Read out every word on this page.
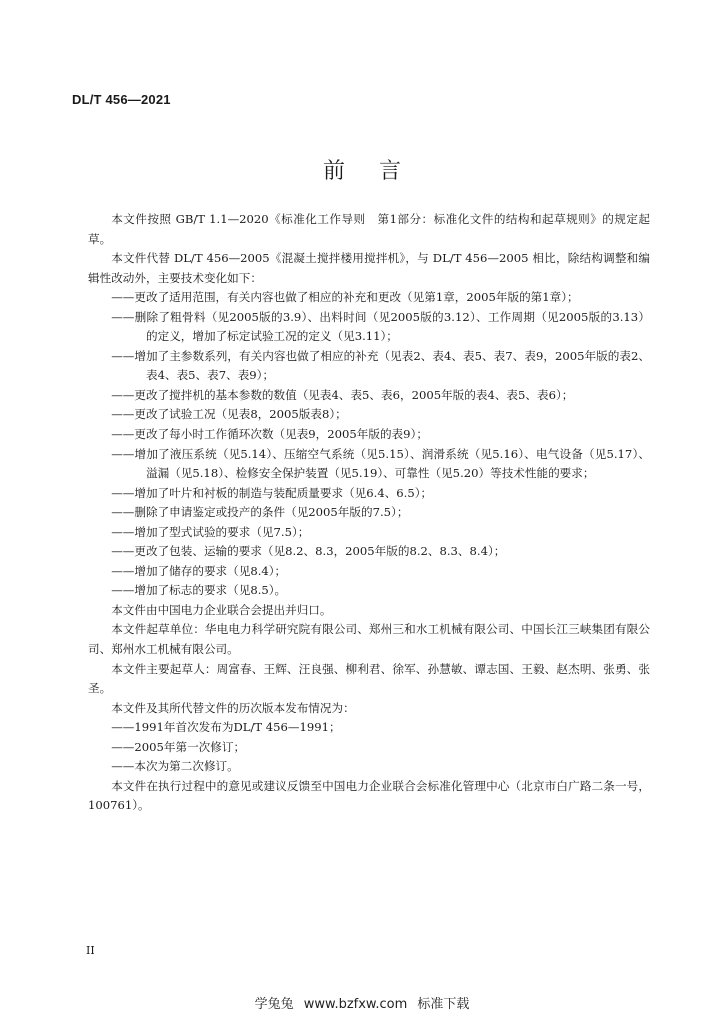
DL/T 456—2021
前言

本文件按照 GB/T 1.1—2020《标准化工作导则　第1部分：标准化文件的结构和起草规则》的规定起草。

本文件代替 DL/T 456—2005《混凝土搅拌楼用搅拌机》，与 DL/T 456—2005 相比，除结构调整和编辑性改动外，主要技术变化如下：

——更改了适用范围，有关内容也做了相应的补充和更改（见第1章，2005年版的第1章）；

——删除了粗骨料（见2005版的3.9）、出料时间（见2005版的3.12）、工作周期（见2005版的3.13）的定义，增加了标定试验工况的定义（见3.11）；

——增加了主参数系列，有关内容也做了相应的补充（见表2、表4、表5、表7、表9，2005年版的表2、表4、表5、表7、表9）；

——更改了搅拌机的基本参数的数值（见表4、表5、表6，2005年版的表4、表5、表6）；

——更改了试验工况（见表8，2005版表8）；

——更改了每小时工作循环次数（见表9，2005年版的表9）；

——增加了液压系统（见5.14）、压缩空气系统（见5.15）、润滑系统（见5.16）、电气设备（见5.17）、溢漏（见5.18）、检修安全保护装置（见5.19）、可靠性（见5.20）等技术性能的要求；

——增加了叶片和衬板的制造与装配质量要求（见6.4、6.5）；

——删除了申请鉴定或投产的条件（见2005年版的7.5）；

——增加了型式试验的要求（见7.5）；

——更改了包装、运输的要求（见8.2、8.3，2005年版的8.2、8.3、8.4）；

——增加了储存的要求（见8.4）；

——增加了标志的要求（见8.5）。

本文件由中国电力企业联合会提出并归口。

本文件起草单位：华电电力科学研究院有限公司、郑州三和水工机械有限公司、中国长江三峡集团有限公司、郑州水工机械有限公司。

本文件主要起草人：周富春、王辉、汪良强、柳利君、徐军、孙慧敏、谭志国、王毅、赵杰明、张勇、张圣。

本文件及其所代替文件的历次版本发布情况为：

——1991年首次发布为DL/T 456—1991；

——2005年第一次修订；

——本次为第二次修订。

本文件在执行过程中的意见或建议反馈至中国电力企业联合会标准化管理中心（北京市白广路二条一号，100761）。

II
学兔兔 www.bzfxw.com 标准下载
